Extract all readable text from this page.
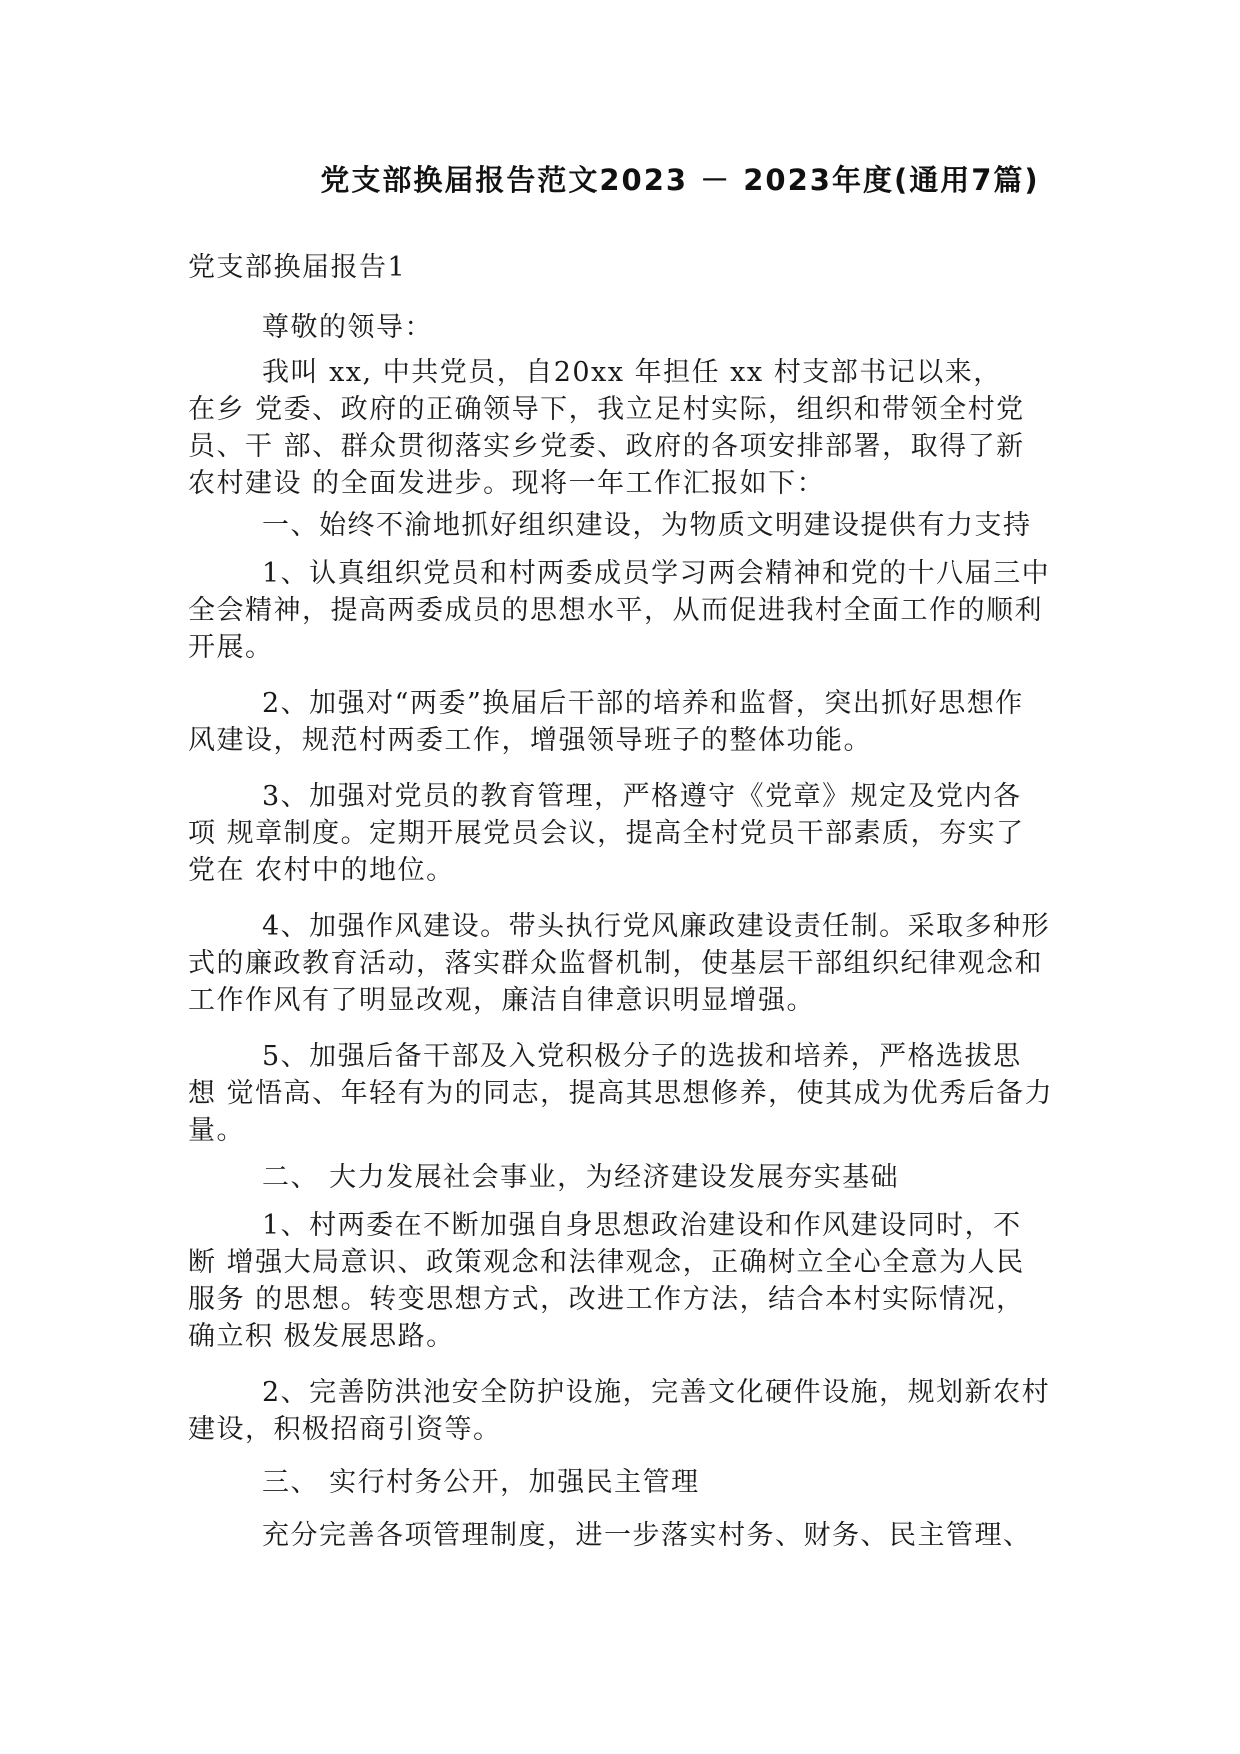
党支部换届报告范文2023 － 2023年度(通用7篇)
党支部换届报告1
尊敬的领导：
我叫 xx, 中共党员，自20xx 年担任 xx 村支部书记以来，
在乡 党委、政府的正确领导下，我立足村实际，组织和带领全村党
员、干 部、群众贯彻落实乡党委、政府的各项安排部署，取得了新
农村建设 的全面发进步。现将一年工作汇报如下：
一、始终不渝地抓好组织建设，为物质文明建设提供有力支持
1、认真组织党员和村两委成员学习两会精神和党的十八届三中
全会精神，提高两委成员的思想水平，从而促进我村全面工作的顺利
开展。
2、加强对“两委”换届后干部的培养和监督，突出抓好思想作
风建设，规范村两委工作，增强领导班子的整体功能。
3、加强对党员的教育管理，严格遵守《党章》规定及党内各
项 规章制度。定期开展党员会议，提高全村党员干部素质，夯实了
党在 农村中的地位。
4、加强作风建设。带头执行党风廉政建设责任制。采取多种形
式的廉政教育活动，落实群众监督机制，使基层干部组织纪律观念和
工作作风有了明显改观，廉洁自律意识明显增强。
5、加强后备干部及入党积极分子的选拔和培养，严格选拔思
想 觉悟高、年轻有为的同志，提高其思想修养，使其成为优秀后备力
量。
二、 大力发展社会事业，为经济建设发展夯实基础
1、村两委在不断加强自身思想政治建设和作风建设同时，不
断 增强大局意识、政策观念和法律观念，正确树立全心全意为人民
服务 的思想。转变思想方式，改进工作方法，结合本村实际情况，
确立积 极发展思路。
2、完善防洪池安全防护设施，完善文化硬件设施，规划新农村
建设，积极招商引资等。
三、 实行村务公开，加强民主管理
充分完善各项管理制度，进一步落实村务、财务、民主管理、
